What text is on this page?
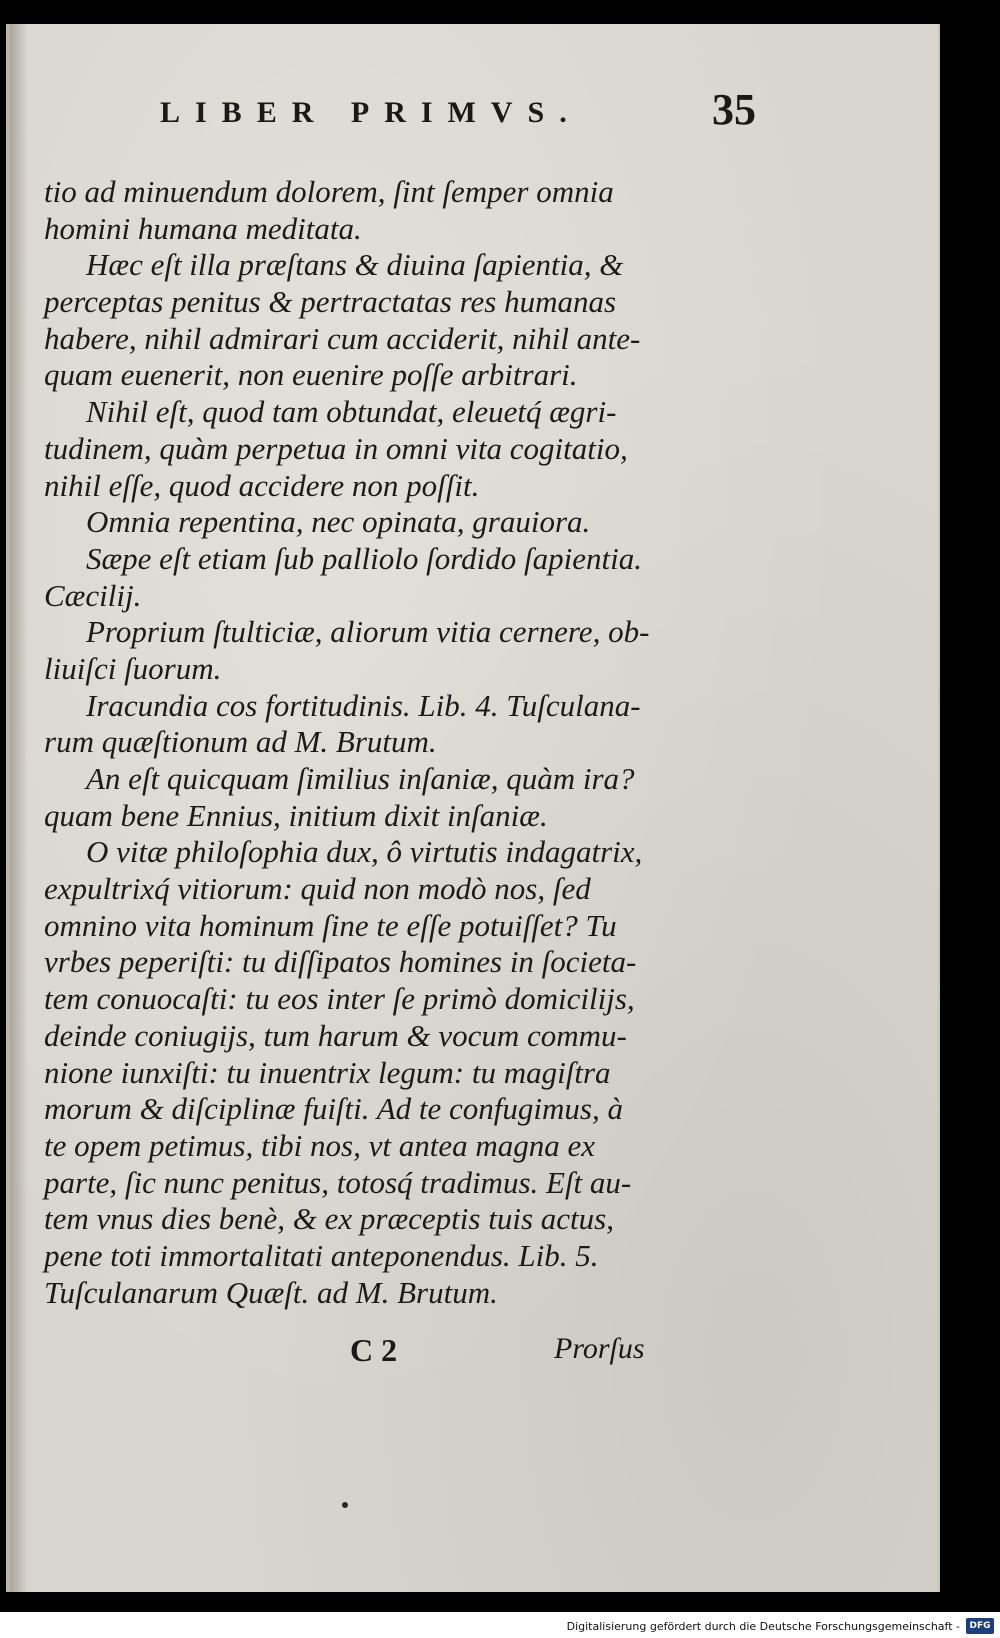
LIBER PRIMVS.	35
tio ad minuendum dolorem, ſint ſemper omnia
homini humana meditata.
Hæc eſt illa præſtans & diuina ſapientia, &
perceptas penitus & pertractatas res humanas
habere, nihil admirari cum acciderit, nihil ante-
quam euenerit, non euenire poſſe arbitrari.
Nihil eſt, quod tam obtundat, eleuetq́ ægri-
tudinem, quàm perpetua in omni vita cogitatio,
nihil eſſe, quod accidere non poſſit.
Omnia repentina, nec opinata, grauiora.
Sæpe eſt etiam ſub palliolo ſordido ſapientia.
Cæcilij.
Proprium ſtulticiæ, aliorum vitia cernere, ob-
liuiſci ſuorum.
Iracundia cos fortitudinis. Lib. 4. Tuſculana-
rum quæſtionum ad M. Brutum.
An eſt quicquam ſimilius inſaniæ, quàm ira?
quam bene Ennius, initium dixit inſaniæ.
O vitæ philoſophia dux, ô virtutis indagatrix,
expultrixq́ vitiorum: quid non modò nos, ſed
omnino vita hominum ſine te eſſe potuiſſet? Tu
vrbes peperiſti: tu diſſipatos homines in ſocieta-
tem conuocaſti: tu eos inter ſe primò domicilijs,
deinde coniugijs, tum harum & vocum commu-
nione iunxiſti: tu inuentrix legum: tu magiſtra
morum & diſciplinæ fuiſti. Ad te confugimus, à
te opem petimus, tibi nos, vt antea magna ex
parte, ſic nunc penitus, totosq́ tradimus. Eſt au-
tem vnus dies benè, & ex præceptis tuis actus,
pene toti immortalitati anteponendus. Lib. 5.
Tuſculanarum Quæſt. ad M. Brutum.
C 2	Prorſus
Digitalisierung gefördert durch die Deutsche Forschungsgemeinschaft -	DFG
